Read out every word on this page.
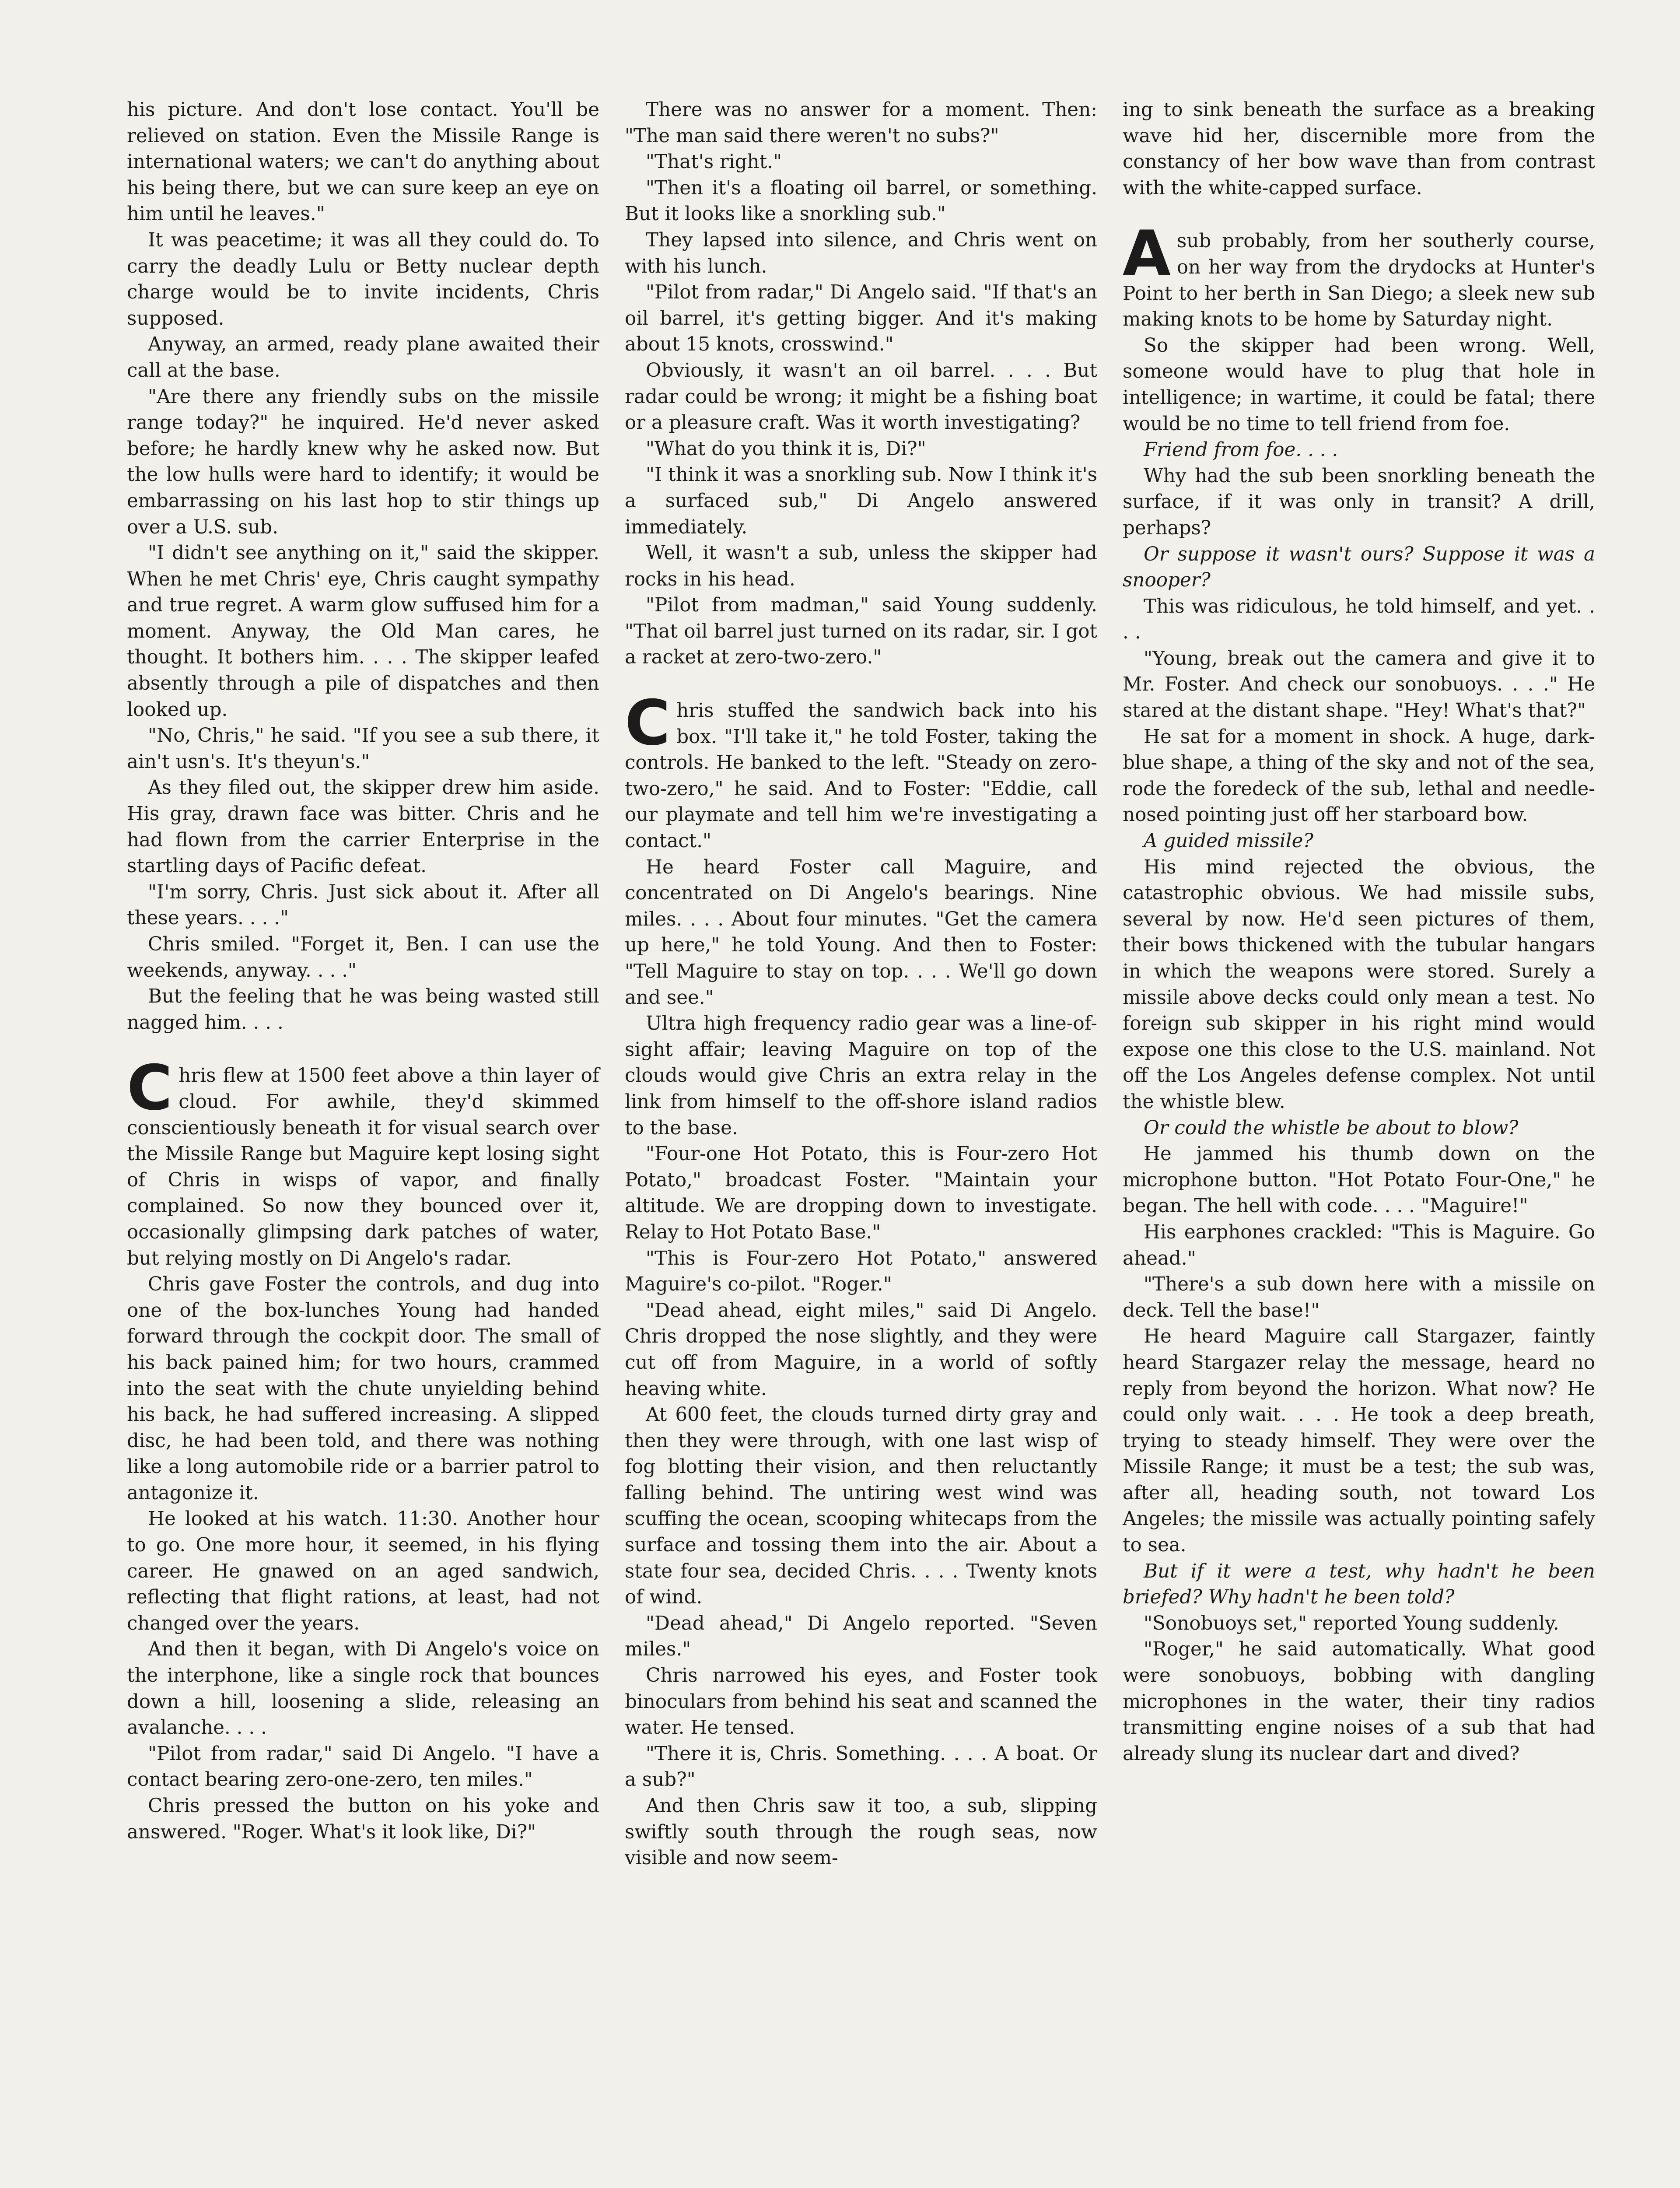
his picture. And don't lose contact. You'll be relieved on station. Even the Missile Range is international waters; we can't do anything about his being there, but we can sure keep an eye on him until he leaves."

It was peacetime; it was all they could do. To carry the deadly Lulu or Betty nuclear depth charge would be to invite incidents, Chris supposed.

Anyway, an armed, ready plane awaited their call at the base.

"Are there any friendly subs on the missile range today?" he inquired. He'd never asked before; he hardly knew why he asked now. But the low hulls were hard to identify; it would be embarrassing on his last hop to stir things up over a U.S. sub.

"I didn't see anything on it," said the skipper. When he met Chris' eye, Chris caught sympathy and true regret. A warm glow suffused him for a moment. Anyway, the Old Man cares, he thought. It bothers him. . . . The skipper leafed absently through a pile of dispatches and then looked up.

"No, Chris," he said. "If you see a sub there, it ain't usn's. It's theyun's."

As they filed out, the skipper drew him aside. His gray, drawn face was bitter. Chris and he had flown from the carrier Enterprise in the startling days of Pacific defeat.

"I'm sorry, Chris. Just sick about it. After all these years. . . ."

Chris smiled. "Forget it, Ben. I can use the weekends, anyway. . . ."

But the feeling that he was being wasted still nagged him. . . .

Chris flew at 1500 feet above a thin layer of cloud. For awhile, they'd skimmed conscientiously beneath it for visual search over the Missile Range but Maguire kept losing sight of Chris in wisps of vapor, and finally complained. So now they bounced over it, occasionally glimpsing dark patches of water, but relying mostly on Di Angelo's radar.

Chris gave Foster the controls, and dug into one of the box-lunches Young had handed forward through the cockpit door. The small of his back pained him; for two hours, crammed into the seat with the chute unyielding behind his back, he had suffered increasing. A slipped disc, he had been told, and there was nothing like a long automobile ride or a barrier patrol to antagonize it.

He looked at his watch. 11:30. Another hour to go. One more hour, it seemed, in his flying career. He gnawed on an aged sandwich, reflecting that flight rations, at least, had not changed over the years.

And then it began, with Di Angelo's voice on the interphone, like a single rock that bounces down a hill, loosening a slide, releasing an avalanche. . . .

"Pilot from radar," said Di Angelo. "I have a contact bearing zero-one-zero, ten miles."

Chris pressed the button on his yoke and answered. "Roger. What's it look like, Di?"

There was no answer for a moment. Then: "The man said there weren't no subs?"

"That's right."

"Then it's a floating oil barrel, or something. But it looks like a snorkling sub."

They lapsed into silence, and Chris went on with his lunch.

"Pilot from radar," Di Angelo said. "If that's an oil barrel, it's getting bigger. And it's making about 15 knots, crosswind."

Obviously, it wasn't an oil barrel. . . . But radar could be wrong; it might be a fishing boat or a pleasure craft. Was it worth investigating?

"What do you think it is, Di?"

"I think it was a snorkling sub. Now I think it's a surfaced sub," Di Angelo answered immediately.

Well, it wasn't a sub, unless the skipper had rocks in his head.

"Pilot from madman," said Young suddenly. "That oil barrel just turned on its radar, sir. I got a racket at zero-two-zero."

Chris stuffed the sandwich back into his box. "I'll take it," he told Foster, taking the controls. He banked to the left. "Steady on zero-two-zero," he said. And to Foster: "Eddie, call our playmate and tell him we're investigating a contact."

He heard Foster call Maguire, and concentrated on Di Angelo's bearings. Nine miles. . . . About four minutes. "Get the camera up here," he told Young. And then to Foster: "Tell Maguire to stay on top. . . . We'll go down and see."

Ultra high frequency radio gear was a line-of-sight affair; leaving Maguire on top of the clouds would give Chris an extra relay in the link from himself to the off-shore island radios to the base.

"Four-one Hot Potato, this is Four-zero Hot Potato," broadcast Foster. "Maintain your altitude. We are dropping down to investigate. Relay to Hot Potato Base."

"This is Four-zero Hot Potato," answered Maguire's co-pilot. "Roger."

"Dead ahead, eight miles," said Di Angelo. Chris dropped the nose slightly, and they were cut off from Maguire, in a world of softly heaving white.

At 600 feet, the clouds turned dirty gray and then they were through, with one last wisp of fog blotting their vision, and then reluctantly falling behind. The untiring west wind was scuffing the ocean, scooping whitecaps from the surface and tossing them into the air. About a state four sea, decided Chris. . . . Twenty knots of wind.

"Dead ahead," Di Angelo reported. "Seven miles."

Chris narrowed his eyes, and Foster took binoculars from behind his seat and scanned the water. He tensed.

"There it is, Chris. Something. . . . A boat. Or a sub?"

And then Chris saw it too, a sub, slipping swiftly south through the rough seas, now visible and now seem-

ing to sink beneath the surface as a breaking wave hid her, discernible more from the constancy of her bow wave than from contrast with the white-capped surface.

Asub probably, from her southerly course, on her way from the drydocks at Hunter's Point to her berth in San Diego; a sleek new sub making knots to be home by Saturday night.

So the skipper had been wrong. Well, someone would have to plug that hole in intelligence; in wartime, it could be fatal; there would be no time to tell friend from foe.

Friend from foe. . . .

Why had the sub been snorkling beneath the surface, if it was only in transit? A drill, perhaps?

Or suppose it wasn't ours? Suppose it was a snooper?

This was ridiculous, he told himself, and yet. . . .

"Young, break out the camera and give it to Mr. Foster. And check our sonobuoys. . . ." He stared at the distant shape. "Hey! What's that?"

He sat for a moment in shock. A huge, dark-blue shape, a thing of the sky and not of the sea, rode the foredeck of the sub, lethal and needle-nosed pointing just off her starboard bow.

A guided missile?

His mind rejected the obvious, the catastrophic obvious. We had missile subs, several by now. He'd seen pictures of them, their bows thickened with the tubular hangars in which the weapons were stored. Surely a missile above decks could only mean a test. No foreign sub skipper in his right mind would expose one this close to the U.S. mainland. Not off the Los Angeles defense complex. Not until the whistle blew.

Or could the whistle be about to blow?

He jammed his thumb down on the microphone button. "Hot Potato Four-One," he began. The hell with code. . . . "Maguire!"

His earphones crackled: "This is Maguire. Go ahead."

"There's a sub down here with a missile on deck. Tell the base!"

He heard Maguire call Stargazer, faintly heard Stargazer relay the message, heard no reply from beyond the horizon. What now? He could only wait. . . . He took a deep breath, trying to steady himself. They were over the Missile Range; it must be a test; the sub was, after all, heading south, not toward Los Angeles; the missile was actually pointing safely to sea.

But if it were a test, why hadn't he been briefed? Why hadn't he been told?

"Sonobuoys set," reported Young suddenly.

"Roger," he said automatically. What good were sonobuoys, bobbing with dangling microphones in the water, their tiny radios transmitting engine noises of a sub that had already slung its nuclear dart and dived?
